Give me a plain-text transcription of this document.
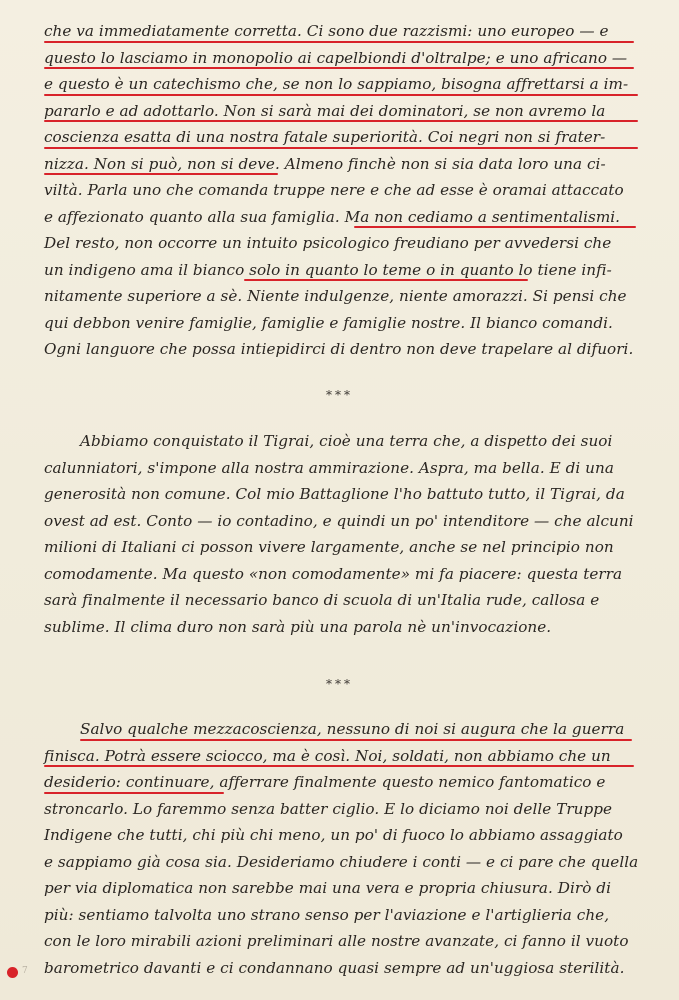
che va immediatamente corretta. Ci sono due razzismi: uno europeo — e
questo lo lasciamo in monopolio ai capelbiondi d'oltralpe; e uno africano —
e questo è un catechismo che, se non lo sappiamo, bisogna affrettarsi a im-
pararlo e ad adottarlo. Non si sarà mai dei dominatori, se non avremo la
coscienza esatta di una nostra fatale superiorità. Coi negri non si frater-
nizza. Non si può, non si deve. Almeno finchè non si sia data loro una ci-
viltà. Parla uno che comanda truppe nere e che ad esse è oramai attaccato
e affezionato quanto alla sua famiglia. Ma non cediamo a sentimentalismi.
Del resto, non occorre un intuito psicologico freudiano per avvedersi che
un indigeno ama il bianco solo in quanto lo teme o in quanto lo tiene infi-
nitamente superiore a sè. Niente indulgenze, niente amorazzi. Si pensi che
qui debbon venire famiglie, famiglie e famiglie nostre. Il bianco comandi.
Ogni languore che possa intiepidirci di dentro non deve trapelare al difuori.
***
Abbiamo conquistato il Tigrai, cioè una terra che, a dispetto dei suoi
calunniatori, s'impone alla nostra ammirazione. Aspra, ma bella. E di una
generosità non comune. Col mio Battaglione l'ho battuto tutto, il Tigrai, da
ovest ad est. Conto — io contadino, e quindi un po' intenditore — che alcuni
milioni di Italiani ci posson vivere largamente, anche se nel principio non
comodamente. Ma questo «non comodamente» mi fa piacere: questa terra
sarà finalmente il necessario banco di scuola di un'Italia rude, callosa e
sublime. Il clima duro non sarà più una parola nè un'invocazione.
***
Salvo qualche mezzacoscienza, nessuno di noi si augura che la guerra
finisca. Potrà essere sciocco, ma è così. Noi, soldati, non abbiamo che un
desiderio: continuare, afferrare finalmente questo nemico fantomatico e
stroncarlo. Lo faremmo senza batter ciglio. E lo diciamo noi delle Truppe
Indigene che tutti, chi più chi meno, un po' di fuoco lo abbiamo assaggiato
e sappiamo già cosa sia. Desideriamo chiudere i conti — e ci pare che quella
per via diplomatica non sarebbe mai una vera e propria chiusura. Dirò di
più: sentiamo talvolta uno strano senso per l'aviazione e l'artiglieria che,
con le loro mirabili azioni preliminari alle nostre avanzate, ci fanno il vuoto
barometrico davanti e ci condannano quasi sempre ad un'uggiosa sterilità.
7
